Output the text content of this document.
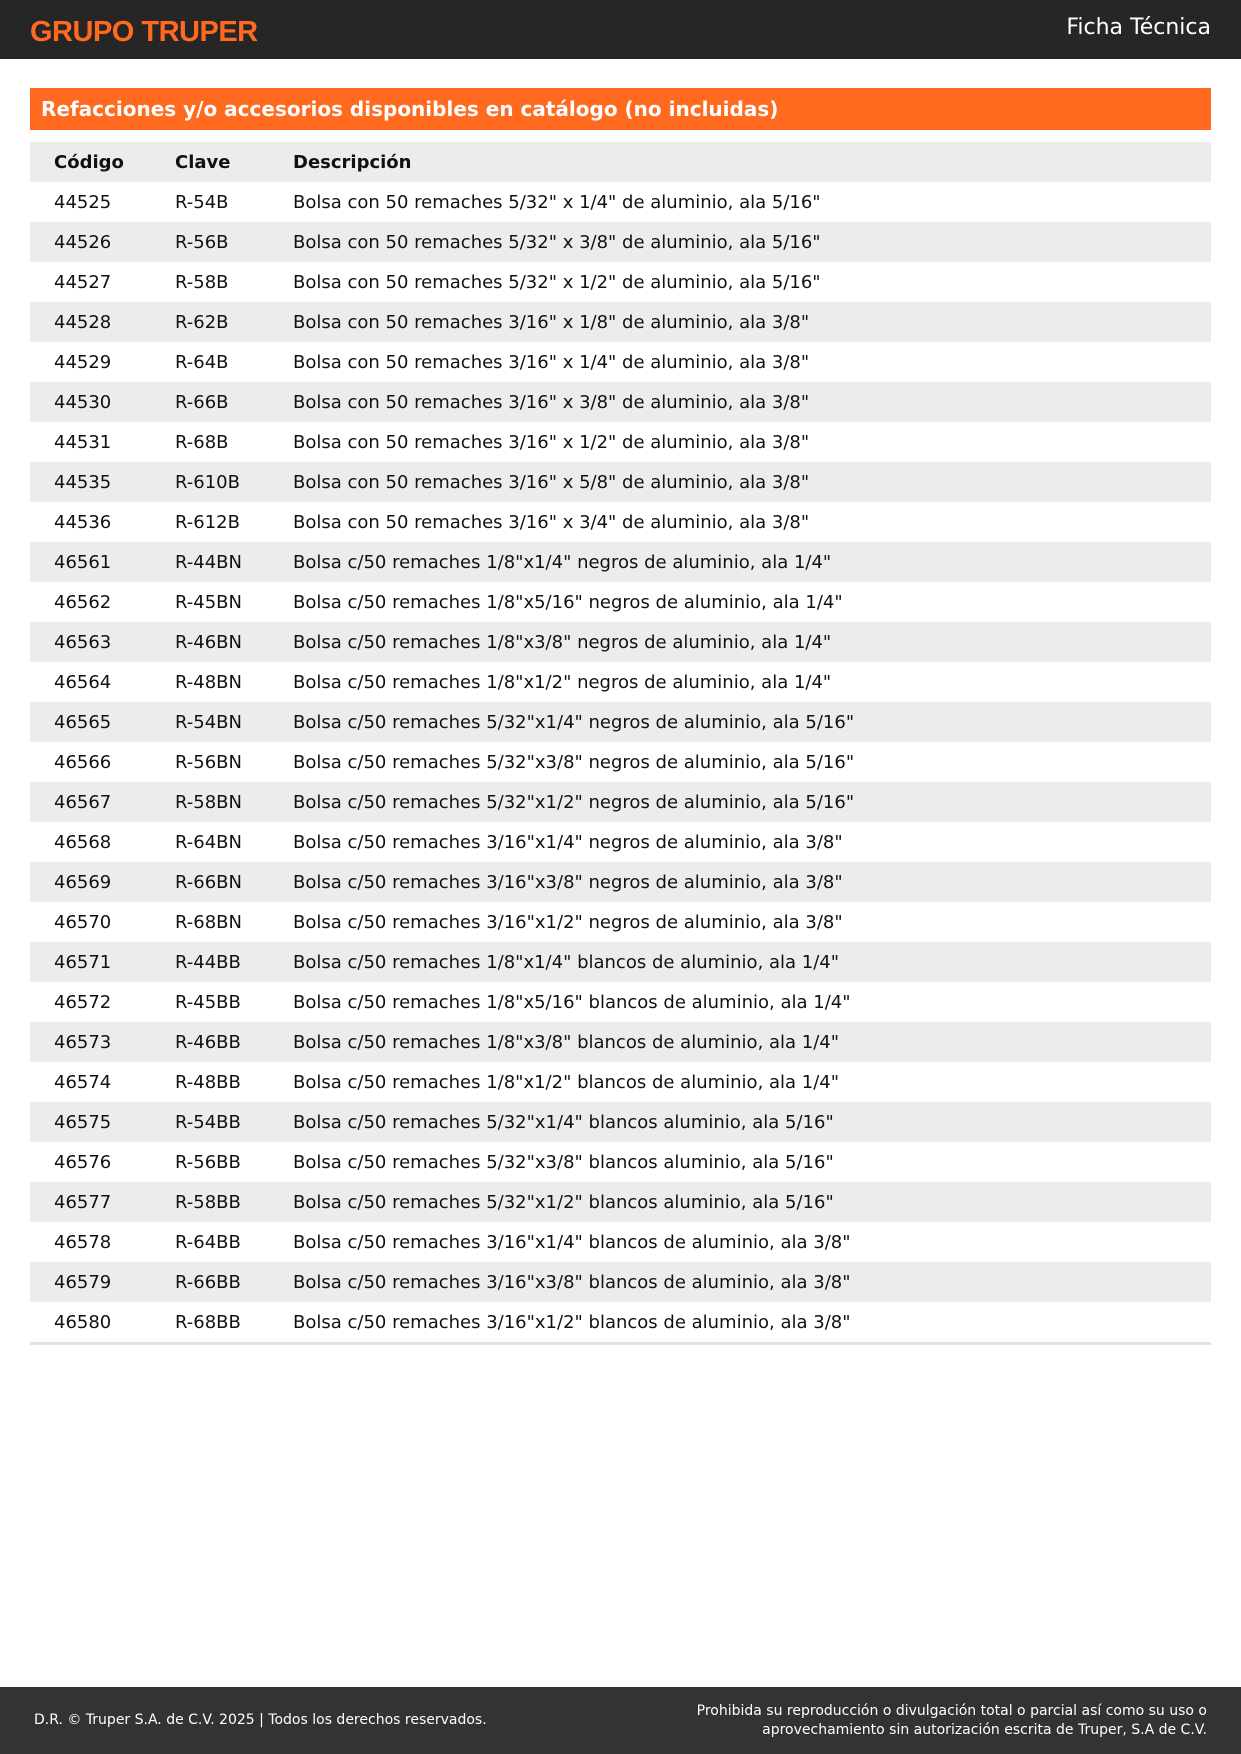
GRUPO TRUPER	Ficha Técnica
Refacciones y/o accesorios disponibles en catálogo (no incluidas)
Código	Clave	Descripción
44525	R-54B	Bolsa con 50 remaches 5/32" x 1/4" de aluminio, ala 5/16"
44526	R-56B	Bolsa con 50 remaches 5/32" x 3/8" de aluminio, ala 5/16"
44527	R-58B	Bolsa con 50 remaches 5/32" x 1/2" de aluminio, ala 5/16"
44528	R-62B	Bolsa con 50 remaches 3/16" x 1/8" de aluminio, ala 3/8"
44529	R-64B	Bolsa con 50 remaches 3/16" x 1/4" de aluminio, ala 3/8"
44530	R-66B	Bolsa con 50 remaches 3/16" x 3/8" de aluminio, ala 3/8"
44531	R-68B	Bolsa con 50 remaches 3/16" x 1/2" de aluminio, ala 3/8"
44535	R-610B	Bolsa con 50 remaches 3/16" x 5/8" de aluminio, ala 3/8"
44536	R-612B	Bolsa con 50 remaches 3/16" x 3/4" de aluminio, ala 3/8"
46561	R-44BN	Bolsa c/50 remaches 1/8"x1/4" negros de aluminio, ala 1/4"
46562	R-45BN	Bolsa c/50 remaches 1/8"x5/16" negros de aluminio, ala 1/4"
46563	R-46BN	Bolsa c/50 remaches 1/8"x3/8" negros de aluminio, ala 1/4"
46564	R-48BN	Bolsa c/50 remaches 1/8"x1/2" negros de aluminio, ala 1/4"
46565	R-54BN	Bolsa c/50 remaches 5/32"x1/4" negros de aluminio, ala 5/16"
46566	R-56BN	Bolsa c/50 remaches 5/32"x3/8" negros de aluminio, ala 5/16"
46567	R-58BN	Bolsa c/50 remaches 5/32"x1/2" negros de aluminio, ala 5/16"
46568	R-64BN	Bolsa c/50 remaches 3/16"x1/4" negros de aluminio, ala 3/8"
46569	R-66BN	Bolsa c/50 remaches 3/16"x3/8" negros de aluminio, ala 3/8"
46570	R-68BN	Bolsa c/50 remaches 3/16"x1/2" negros de aluminio, ala 3/8"
46571	R-44BB	Bolsa c/50 remaches 1/8"x1/4" blancos de aluminio, ala 1/4"
46572	R-45BB	Bolsa c/50 remaches 1/8"x5/16" blancos de aluminio, ala 1/4"
46573	R-46BB	Bolsa c/50 remaches 1/8"x3/8" blancos de aluminio, ala 1/4"
46574	R-48BB	Bolsa c/50 remaches 1/8"x1/2" blancos de aluminio, ala 1/4"
46575	R-54BB	Bolsa c/50 remaches 5/32"x1/4" blancos aluminio, ala 5/16"
46576	R-56BB	Bolsa c/50 remaches 5/32"x3/8" blancos aluminio, ala 5/16"
46577	R-58BB	Bolsa c/50 remaches 5/32"x1/2" blancos aluminio, ala 5/16"
46578	R-64BB	Bolsa c/50 remaches 3/16"x1/4" blancos de aluminio, ala 3/8"
46579	R-66BB	Bolsa c/50 remaches 3/16"x3/8" blancos de aluminio, ala 3/8"
46580	R-68BB	Bolsa c/50 remaches 3/16"x1/2" blancos de aluminio, ala 3/8"
D.R. © Truper S.A. de C.V. 2025 | Todos los derechos reservados.
Prohibida su reproducción o divulgación total o parcial así como su uso o
aprovechamiento sin autorización escrita de Truper, S.A de C.V.
